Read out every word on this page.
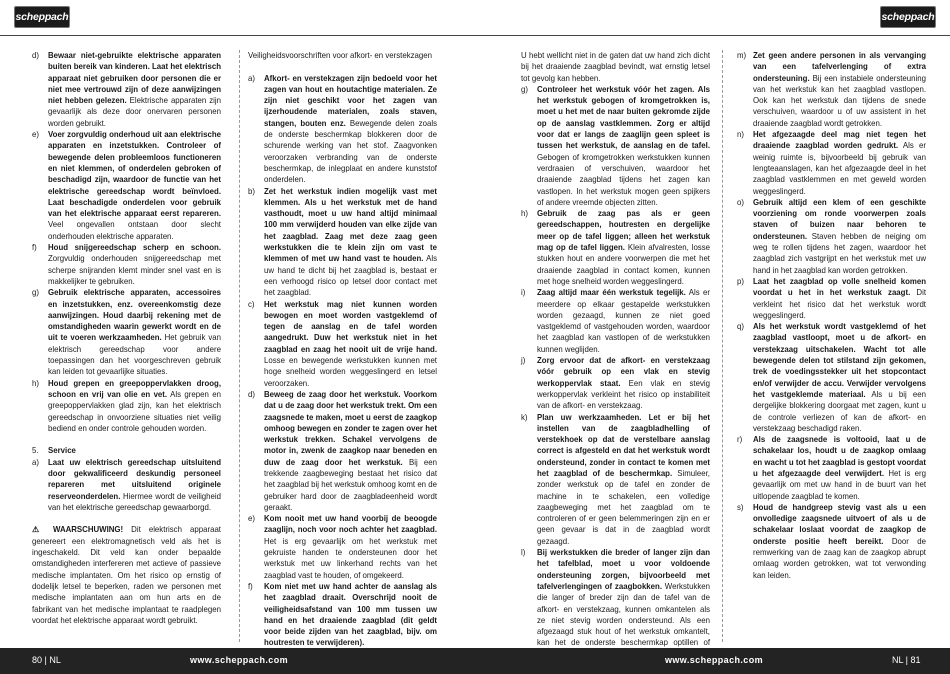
scheppach	scheppach
d)	Bewaar niet-gebruikte elektrische apparaten buiten bereik van kinderen. Laat het elektrisch apparaat niet gebruiken door personen die er niet mee vertrouwd zijn of deze aanwijzingen niet hebben gelezen. Elektrische apparaten zijn gevaarlijk als deze door onervaren personen worden gebruikt.
e)	Voer zorgvuldig onderhoud uit aan elektrische apparaten en inzetstukken. Controleer of bewegende delen probleemloos functioneren en niet klemmen, of onderdelen gebroken of beschadigd zijn, waardoor de functie van het elektrische gereedschap wordt beïnvloed. Laat beschadigde onderdelen voor gebruik van het elektrische apparaat eerst repareren. Veel ongevallen ontstaan door slecht onderhouden elektrische apparaten.
f)	Houd snijgereedschap scherp en schoon. Zorgvuldig onderhouden snijgereedschap met scherpe snijranden klemt minder snel vast en is makkelijker te gebruiken.
g)	Gebruik elektrische apparaten, accessoires en inzetstukken, enz. overeenkomstig deze aanwijzingen. Houd daarbij rekening met de omstandigheden waarin gewerkt wordt en de uit te voeren werkzaamheden. Het gebruik van elektrisch gereedschap voor andere toepassingen dan het voorgeschreven gebruik kan leiden tot gevaarlijke situaties.
h)	Houd grepen en greepoppervlakken droog, schoon en vrij van olie en vet. Als grepen en greepoppervlakken glad zijn, kan het elektrisch gereedschap in onvoorziene situaties niet veilig bediend en onder controle gehouden worden.
5.	Service
a)	Laat uw elektrisch gereedschap uitsluitend door gekwalificeerd deskundig personeel repareren met uitsluitend originele reserveonderdelen. Hiermee wordt de veiligheid van het elektrische gereedschap gewaarborgd.
⚠ WAARSCHUWING! Dit elektrisch apparaat genereert een elektromagnetisch veld als het is ingeschakeld. Dit veld kan onder bepaalde omstandigheden interfereren met actieve of passieve medische implantaten. Om het risico op ernstig of dodelijk letsel te beperken, raden we personen met medische implantaten aan om hun arts en de fabrikant van het medische implantaat te raadplegen voordat het elektrische apparaat wordt gebruikt.
Veiligheidsvoorschriften voor afkort- en verstekzagen
a)	Afkort- en verstekzagen zijn bedoeld voor het zagen van hout en houtachtige materialen. Ze zijn niet geschikt voor het zagen van ijzerhoudende materialen, zoals staven, stangen, bouten enz. Bewegende delen zoals de onderste beschermkap blokkeren door de schurende werking van het stof. Zaagvonken veroorzaken verbranding van de onderste beschermkap, de inlegplaat en andere kunststof onderdelen.
b)	Zet het werkstuk indien mogelijk vast met klemmen. Als u het werkstuk met de hand vasthoudt, moet u uw hand altijd minimaal 100 mm verwijderd houden van elke zijde van het zaagblad. Zaag met deze zaag geen werkstukken die te klein zijn om vast te klemmen of met uw hand vast te houden. Als uw hand te dicht bij het zaagblad is, bestaat er een verhoogd risico op letsel door contact met het zaagblad.
c)	Het werkstuk mag niet kunnen worden bewogen en moet worden vastgeklemd of tegen de aanslag en de tafel worden aangedrukt. Duw het werkstuk niet in het zaagblad en zaag het nooit uit de vrije hand. Losse en bewegende werkstukken kunnen met hoge snelheid worden weggeslingerd en letsel veroorzaken.
d)	Beweeg de zaag door het werkstuk. Voorkom dat u de zaag door het werkstuk trekt. Om een zaagsnede te maken, moet u eerst de zaagkop omhoog bewegen en zonder te zagen over het werkstuk trekken. Schakel vervolgens de motor in, zwenk de zaagkop naar beneden en duw de zaag door het werkstuk. Bij een trekkende zaagbeweging bestaat het risico dat het zaagblad bij het werkstuk omhoog komt en de gebruiker hard door de zaagbladeenheid wordt geraakt.
e)	Kom nooit met uw hand voorbij de beoogde zaaglijn, noch voor noch achter het zaagblad. Het is erg gevaarlijk om het werkstuk met gekruiste handen te ondersteunen door het werkstuk met uw linkerhand rechts van het zaagblad vast te houden, of omgekeerd.
f)	Kom niet met uw hand achter de aanslag als het zaagblad draait. Overschrijd nooit de veiligheidsafstand van 100 mm tussen uw hand en het draaiende zaagblad (dit geldt voor beide zijden van het zaagblad, bijv. om houtresten te verwijderen).
U hebt wellicht niet in de gaten dat uw hand zich dicht bij het draaiende zaagblad bevindt, wat ernstig letsel tot gevolg kan hebben.
g)	Controleer het werkstuk vóór het zagen. Als het werkstuk gebogen of kromgetrokken is, moet u het met de naar buiten gekromde zijde op de aanslag vastklemmen. Zorg er altijd voor dat er langs de zaaglijn geen spleet is tussen het werkstuk, de aanslag en de tafel. Gebogen of kromgetrokken werkstukken kunnen verdraaien of verschuiven, waardoor het draaiende zaagblad tijdens het zagen kan vastlopen. In het werkstuk mogen geen spijkers of andere vreemde objecten zitten.
h)	Gebruik de zaag pas als er geen gereedschappen, houtresten en dergelijke meer op de tafel liggen; alleen het werkstuk mag op de tafel liggen. Klein afvalresten, losse stukken hout en andere voorwerpen die met het draaiende zaagblad in contact komen, kunnen met hoge snelheid worden weggeslingerd.
i)	Zaag altijd maar één werkstuk tegelijk. Als er meerdere op elkaar gestapelde werkstukken worden gezaagd, kunnen ze niet goed vastgeklemd of vastgehouden worden, waardoor het zaagblad kan vastlopen of de werkstukken kunnen weglijden.
j)	Zorg ervoor dat de afkort- en verstekzaag vóór gebruik op een vlak en stevig werkoppervlak staat. Een vlak en stevig werkoppervlak verkleint het risico op instabiliteit van de afkort- en verstekzaag.
k)	Plan uw werkzaamheden. Let er bij het instellen van de zaagbladhelling of verstekhoek op dat de verstelbare aanslag correct is afgesteld en dat het werkstuk wordt ondersteund, zonder in contact te komen met het zaagblad of de beschermkap. Simuleer, zonder werkstuk op de tafel en zonder de machine in te schakelen, een volledige zaagbeweging met het zaagblad om te controleren of er geen belemmeringen zijn en er geen gevaar is dat in de zaagblad wordt gezaagd.
l)	Bij werkstukken die breder of langer zijn dan het tafelblad, moet u voor voldoende ondersteuning zorgen, bijvoorbeeld met tafelverlengingen of zaagbokken. Werkstukken die langer of breder zijn dan de tafel van de afkort- en verstekzaag, kunnen omkantelen als ze niet stevig worden ondersteund. Als een afgezaagd stuk hout of het werkstuk omkantelt, kan het de onderste beschermkap optillen of
m) Zet geen andere personen in als vervanging van een tafelverlenging of extra ondersteuning. Bij een instabiele ondersteuning van het werkstuk kan het zaagblad vastlopen. Ook kan het werkstuk dan tijdens de snede verschuiven, waardoor u of uw assistent in het draaiende zaagblad wordt getrokken.
n)	Het afgezaagde deel mag niet tegen het draaiende zaagblad worden gedrukt. Als er weinig ruimte is, bijvoorbeeld bij gebruik van lengteaanslagen, kan het afgezaagde deel in het zaagblad vastklemmen en met geweld worden weggeslingerd.
o)	Gebruik altijd een klem of een geschikte voorziening om ronde voorwerpen zoals staven of buizen naar behoren te ondersteunen. Staven hebben de neiging om weg te rollen tijdens het zagen, waardoor het zaagblad zich vastgrijpt en het werkstuk met uw hand in het zaagblad kan worden getrokken.
p)	Laat het zaagblad op volle snelheid komen voordat u het in het werkstuk zaagt. Dit verkleint het risico dat het werkstuk wordt weggeslingerd.
q)	Als het werkstuk wordt vastgeklemd of het zaagblad vastloopt, moet u de afkort- en verstekzaag uitschakelen. Wacht tot alle bewegende delen tot stilstand zijn gekomen, trek de voedingsstekker uit het stopcontact en/of verwijder de accu. Verwijder vervolgens het vastgeklemde materiaal. Als u bij een dergelijke blokkering doorgaat met zagen, kunt u de controle verliezen of kan de afkort- en verstekzaag beschadigd raken.
r)	Als de zaagsnede is voltooid, laat u de schakelaar los, houdt u de zaagkop omlaag en wacht u tot het zaagblad is gestopt voordat u het afgezaagde deel verwijdert. Het is erg gevaarlijk om met uw hand in de buurt van het uitlopende zaagblad te komen.
s)	Houd de handgreep stevig vast als u een onvolledige zaagsnede uitvoert of als u de schakelaar loslaat voordat de zaagkop de onderste positie heeft bereikt. Door de remwerking van de zaag kan de zaagkop abrupt omlaag worden getrokken, wat tot verwonding kan leiden.
80 | NL	www.scheppach.com	www.scheppach.com	NL | 81
